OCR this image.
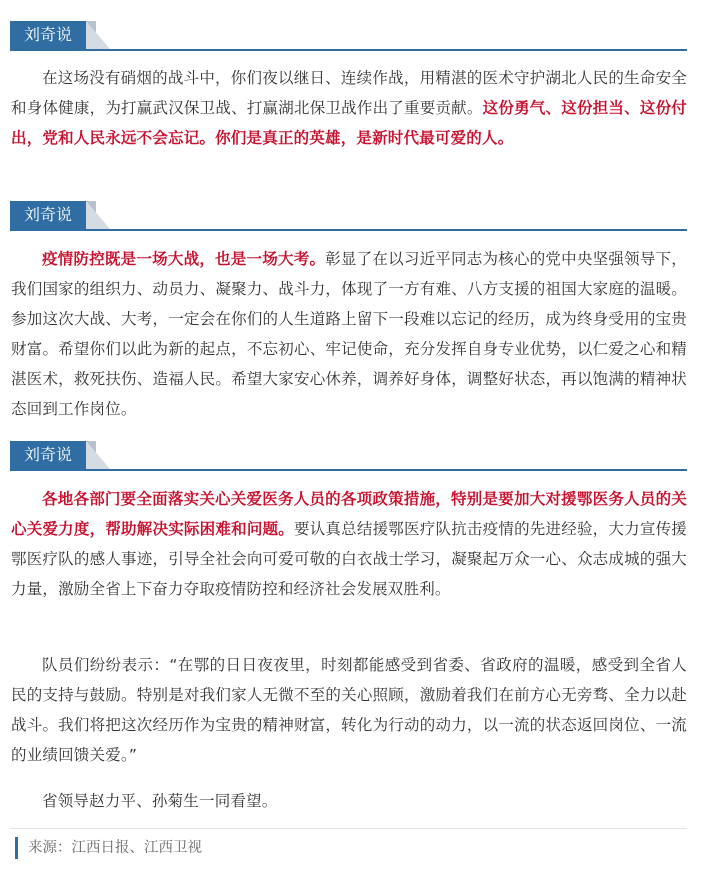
刘奇说

在这场没有硝烟的战斗中，你们夜以继日、连续作战，用精湛的医术守护湖北人民的生命安全和身体健康，为打赢武汉保卫战、打赢湖北保卫战作出了重要贡献。这份勇气、这份担当、这份付出，党和人民永远不会忘记。你们是真正的英雄，是新时代最可爱的人。

刘奇说

疫情防控既是一场大战，也是一场大考。彰显了在以习近平同志为核心的党中央坚强领导下，我们国家的组织力、动员力、凝聚力、战斗力，体现了一方有难、八方支援的祖国大家庭的温暖。参加这次大战、大考，一定会在你们的人生道路上留下一段难以忘记的经历，成为终身受用的宝贵财富。希望你们以此为新的起点，不忘初心、牢记使命，充分发挥自身专业优势，以仁爱之心和精湛医术，救死扶伤、造福人民。希望大家安心休养，调养好身体，调整好状态，再以饱满的精神状态回到工作岗位。

刘奇说

各地各部门要全面落实关心关爱医务人员的各项政策措施，特别是要加大对援鄂医务人员的关心关爱力度，帮助解决实际困难和问题。要认真总结援鄂医疗队抗击疫情的先进经验，大力宣传援鄂医疗队的感人事迹，引导全社会向可爱可敬的白衣战士学习，凝聚起万众一心、众志成城的强大力量，激励全省上下奋力夺取疫情防控和经济社会发展双胜利。

队员们纷纷表示：“在鄂的日日夜夜里，时刻都能感受到省委、省政府的温暖，感受到全省人民的支持与鼓励。特别是对我们家人无微不至的关心照顾，激励着我们在前方心无旁骛、全力以赴战斗。我们将把这次经历作为宝贵的精神财富，转化为行动的动力，以一流的状态返回岗位、一流的业绩回馈关爱。”

省领导赵力平、孙菊生一同看望。

来源：江西日报、江西卫视
